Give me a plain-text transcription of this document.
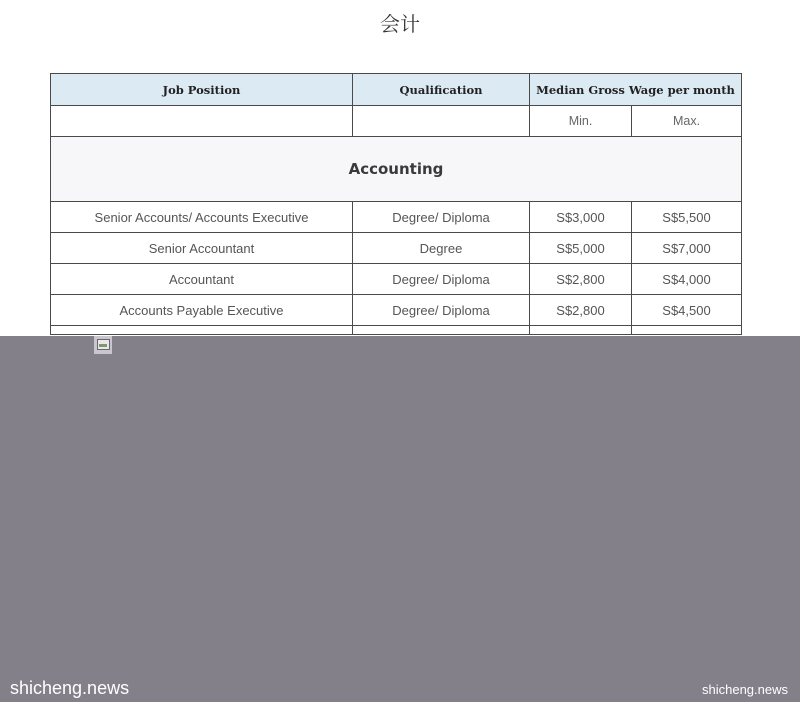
会计
Job Position	Qualification	Median Gross Wage per month	
		Min.	Max.
Accounting			
Senior Accounts/ Accounts Executive	Degree/ Diploma	S$3,000	S$5,500
Senior Accountant	Degree	S$5,000	S$7,000
Accountant	Degree/ Diploma	S$2,800	S$4,000
Accounts Payable Executive	Degree/ Diploma	S$2,800	S$4,500

shicheng.news	shicheng.news
